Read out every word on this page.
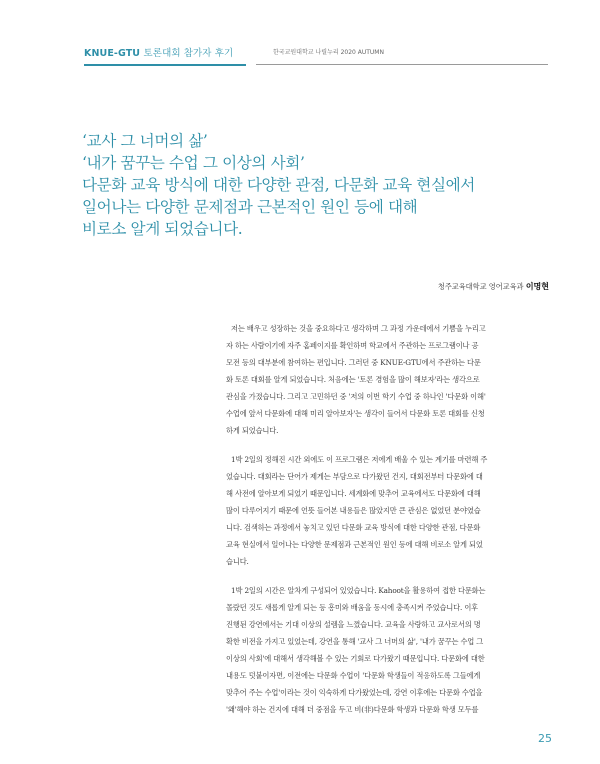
KNUE-GTU 토론대회 참가자 후기	한국교원대학교 나릴누리 2020 AUTUMN
‘교사 그 너머의 삶’
‘내가 꿈꾸는 수업 그 이상의 사회’
다문화 교육 방식에 대한 다양한 관점, 다문화 교육 현실에서
일어나는 다양한 문제점과 근본적인 원인 등에 대해
비로소 알게 되었습니다.
청주교육대학교 영어교육과 이명현
저는 배우고 성장하는 것을 중요하다고 생각하며 그 과정 가운데에서 기쁨을 누리고
자 하는 사람이기에 자주 홈페이지를 확인하며 학교에서 주관하는 프로그램이나 공
모전 등의 대부분에 참여하는 편입니다. 그러던 중 KNUE-GTU에서 주관하는 다문
화 토론 대회를 알게 되었습니다. 처음에는 '토론 경험을 많이 해보자'라는 생각으로
관심을 가졌습니다. 그리고 고민하던 중 '저의 이번 학기 수업 중 하나인 '다문화 이해'
수업에 앞서 다문화에 대해 미리 알아보자'는 생각이 들어서 다문화 토론 대회를 신청
하게 되었습니다.
1박 2일의 정해진 시간 외에도 이 프로그램은 저에게 배울 수 있는 계기를 마련해 주
었습니다. 대회라는 단어가 제게는 부담으로 다가왔던 건지, 대회전부터 다문화에 대
해 사전에 알아보게 되었기 때문입니다. 세계화에 맞추어 교육에서도 다문화에 대해
많이 다루어지기 때문에 언뜻 들어본 내용들은 많았지만 큰 관심은 없었던 분야였습
니다. 검색하는 과정에서 놓치고 있던 다문화 교육 방식에 대한 다양한 관점, 다문화
교육 현실에서 일어나는 다양한 문제점과 근본적인 원인 등에 대해 비로소 알게 되었
습니다.
1박 2일의 시간은 알차게 구성되어 있었습니다. Kahoot을 활용하여 접한 다문화는
몰랐던 것도 새롭게 알게 되는 등 흥미와 배움을 동시에 충족시켜 주었습니다. 이후
진행된 강연에서는 기대 이상의 설렘을 느꼈습니다. 교육을 사랑하고 교사로서의 명
확한 비전을 가지고 있었는데, 강연을 통해 '교사 그 너머의 삶', '내가 꿈꾸는 수업 그
이상의 사회'에 대해서 생각해볼 수 있는 기회로 다가왔기 때문입니다. 다문화에 대한
내용도 덧붙이자면, 이전에는 다문화 수업이 '다문화 학생들이 적응하도록 그들에게
맞추어 주는 수업'이라는 것이 익숙하게 다가왔었는데, 강연 이후에는 다문화 수업을
'왜'해야 하는 건지에 대해 더 중점을 두고 비(非)다문화 학생과 다문화 학생 모두를
25
